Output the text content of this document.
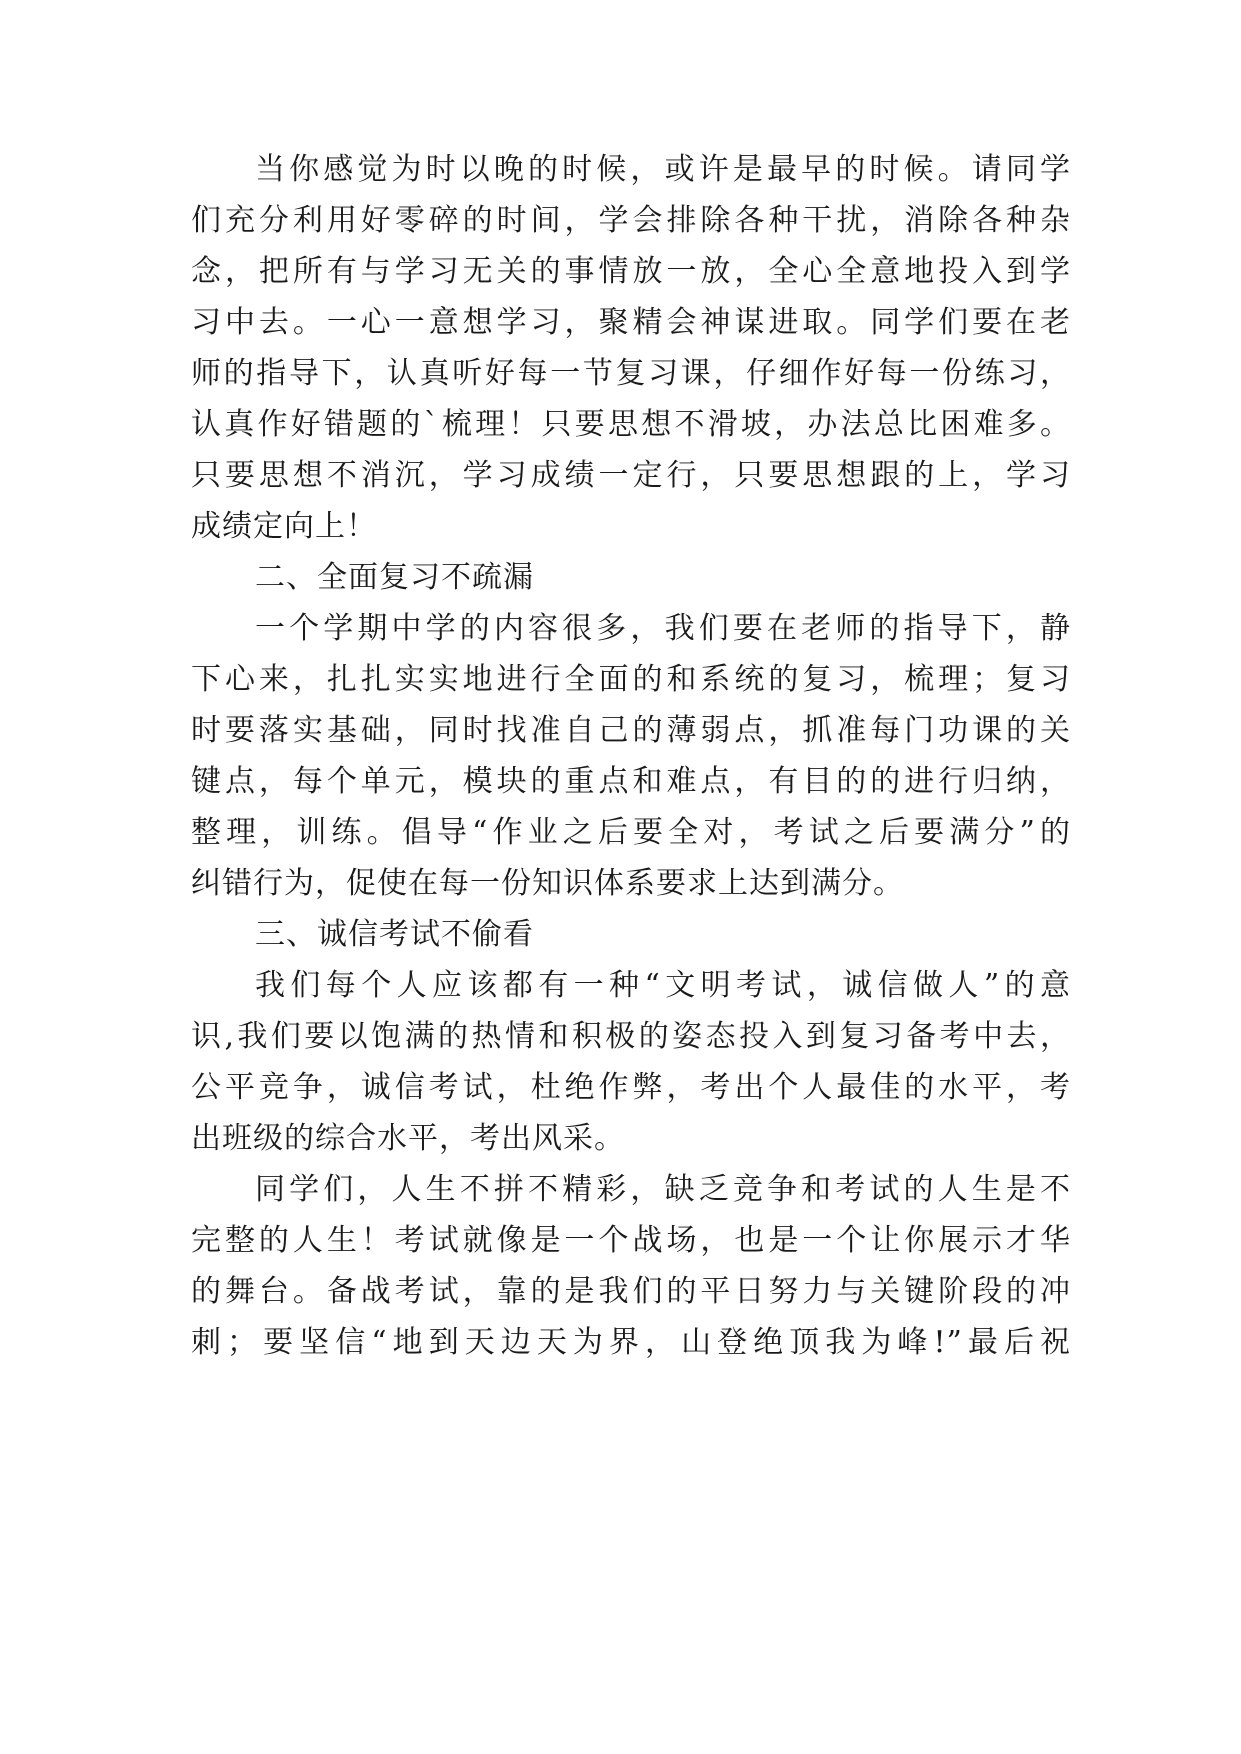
当你感觉为时以晚的时候，或许是最早的时候。请同学
们充分利用好零碎的时间，学会排除各种干扰，消除各种杂
念，把所有与学习无关的事情放一放，全心全意地投入到学
习中去。一心一意想学习，聚精会神谋进取。同学们要在老
师的指导下，认真听好每一节复习课，仔细作好每一份练习，
认真作好错题的`梳理！只要思想不滑坡，办法总比困难多。
只要思想不消沉，学习成绩一定行，只要思想跟的上，学习
成绩定向上！
二、全面复习不疏漏
一个学期中学的内容很多，我们要在老师的指导下，静
下心来，扎扎实实地进行全面的和系统的复习，梳理；复习
时要落实基础，同时找准自己的薄弱点，抓准每门功课的关
键点，每个单元，模块的重点和难点，有目的的进行归纳，
整理，训练。倡导“作业之后要全对，考试之后要满分”的
纠错行为，促使在每一份知识体系要求上达到满分。
三、诚信考试不偷看
我们每个人应该都有一种“文明考试，诚信做人”的意
识,我们要以饱满的热情和积极的姿态投入到复习备考中去，
公平竞争，诚信考试，杜绝作弊，考出个人最佳的水平，考
出班级的综合水平，考出风采。
同学们，人生不拼不精彩，缺乏竞争和考试的人生是不
完整的人生！考试就像是一个战场，也是一个让你展示才华
的舞台。备战考试，靠的是我们的平日努力与关键阶段的冲
刺；要坚信“地到天边天为界，山登绝顶我为峰!”最后祝
